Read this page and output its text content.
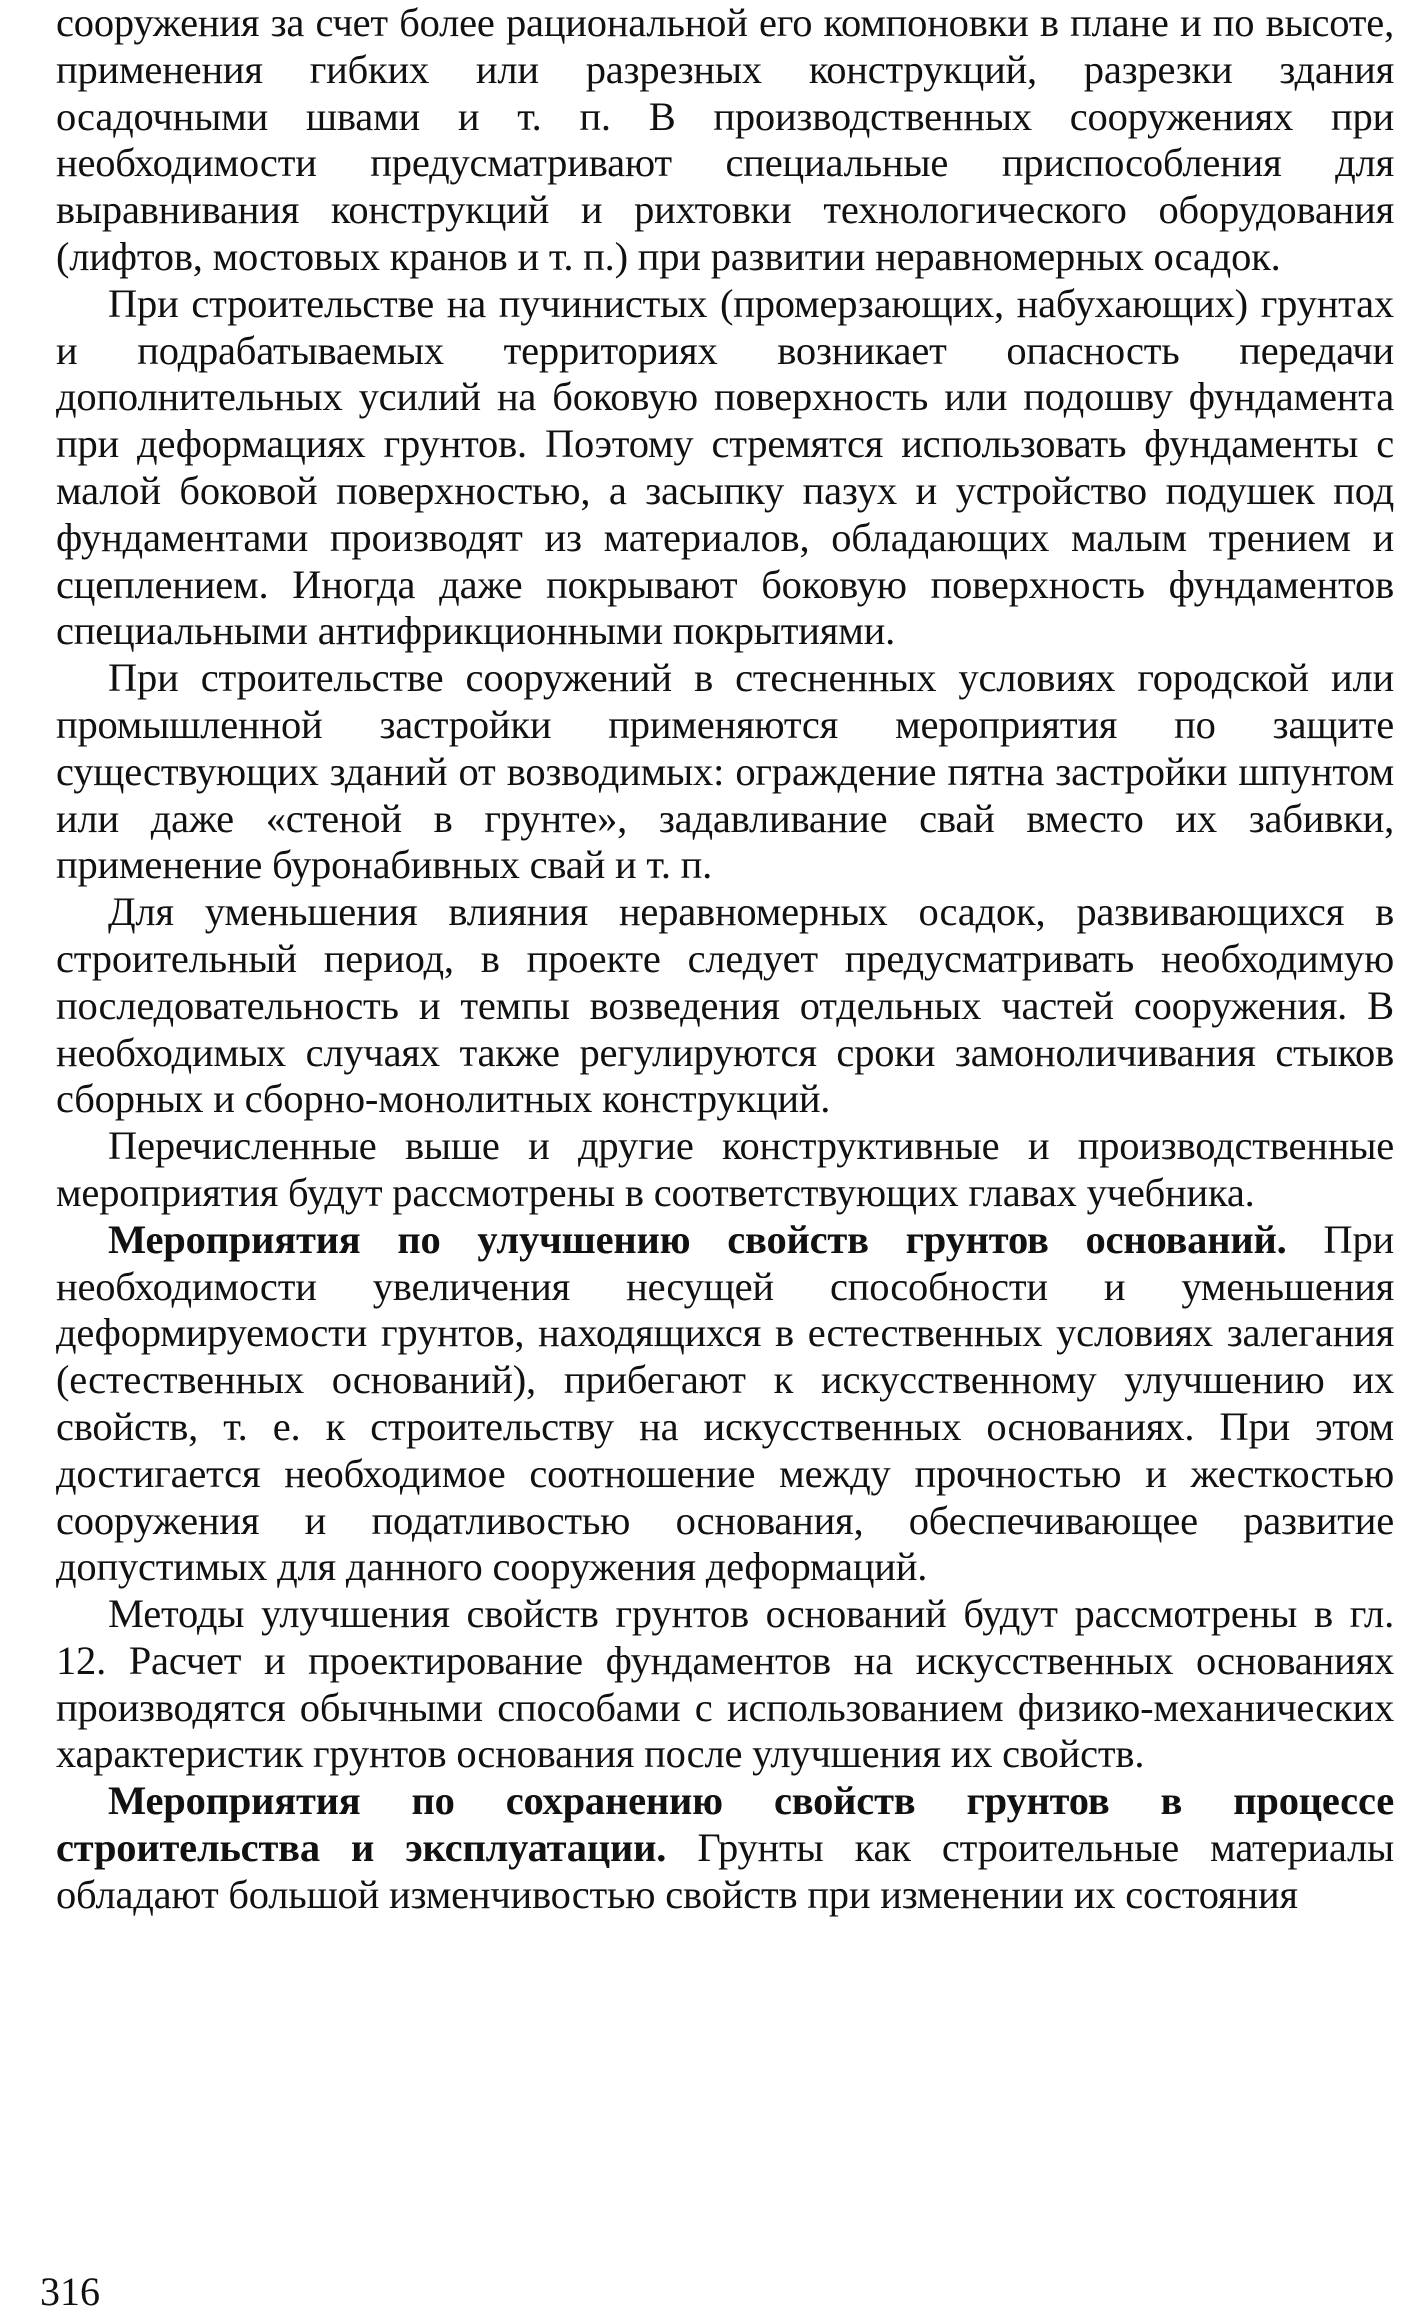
сооружения за счет более рациональной его компоновки в плане и по высоте, применения гибких или разрезных конструкций, разрезки здания осадочными швами и т. п. В производственных сооружениях при необходимости предусматривают специальные приспособления для выравнивания конструкций и рихтовки технологического оборудования (лифтов, мостовых кранов и т. п.) при развитии неравномерных осадок.

При строительстве на пучинистых (промерзающих, набухающих) грунтах и подрабатываемых территориях возникает опасность передачи дополнительных усилий на боковую поверхность или подошву фундамента при деформациях грунтов. Поэтому стремятся использовать фундаменты с малой боковой поверхностью, а засыпку пазух и устройство подушек под фундаментами производят из материалов, обладающих малым трением и сцеплением. Иногда даже покрывают боковую поверхность фундаментов специальными антифрикционными покрытиями.

При строительстве сооружений в стесненных условиях городской или промышленной застройки применяются мероприятия по защите существующих зданий от возводимых: ограждение пятна застройки шпунтом или даже «стеной в грунте», задавливание свай вместо их забивки, применение буронабивных свай и т. п.

Для уменьшения влияния неравномерных осадок, развивающихся в строительный период, в проекте следует предусматривать необходимую последовательность и темпы возведения отдельных частей сооружения. В необходимых случаях также регулируются сроки замоноличивания стыков сборных и сборно-монолитных конструкций.

Перечисленные выше и другие конструктивные и производственные мероприятия будут рассмотрены в соответствующих главах учебника.

Мероприятия по улучшению свойств грунтов оснований. При необходимости увеличения несущей способности и уменьшения деформируемости грунтов, находящихся в естественных условиях залегания (естественных оснований), прибегают к искусственному улучшению их свойств, т. е. к строительству на искусственных основаниях. При этом достигается необходимое соотношение между прочностью и жесткостью сооружения и податливостью основания, обеспечивающее развитие допустимых для данного сооружения деформаций.

Методы улучшения свойств грунтов оснований будут рассмотрены в гл. 12. Расчет и проектирование фундаментов на искусственных основаниях производятся обычными способами с использованием физико-механических характеристик грунтов основания после улучшения их свойств.

Мероприятия по сохранению свойств грунтов в процессе строительства и эксплуатации. Грунты как строительные материалы обладают большой изменчивостью свойств при изменении их состояния

316
